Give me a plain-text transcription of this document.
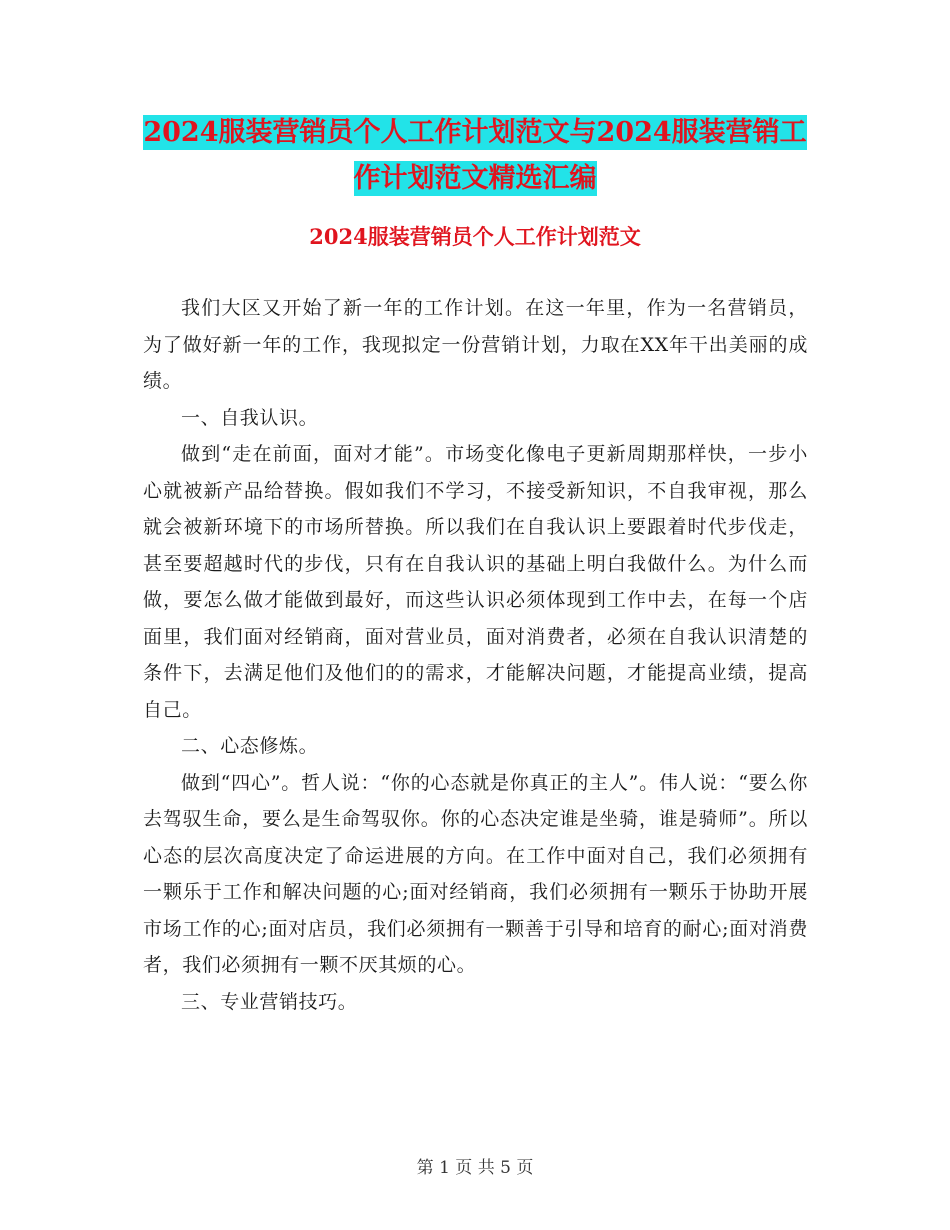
2024服装营销员个人工作计划范文与2024服装营销工
作计划范文精选汇编
2024服装营销员个人工作计划范文

我们大区又开始了新一年的工作计划。在这一年里，作为一名营销员，为了做好新一年的工作，我现拟定一份营销计划，力取在XX年干出美丽的成绩。

一、自我认识。

做到“走在前面，面对才能”。市场变化像电子更新周期那样快，一步小心就被新产品给替换。假如我们不学习，不接受新知识，不自我审视，那么就会被新环境下的市场所替换。所以我们在自我认识上要跟着时代步伐走，甚至要超越时代的步伐，只有在自我认识的基础上明白我做什么。为什么而做，要怎么做才能做到最好，而这些认识必须体现到工作中去，在每一个店面里，我们面对经销商，面对营业员，面对消费者，必须在自我认识清楚的条件下，去满足他们及他们的的需求，才能解决问题，才能提高业绩，提高自己。

二、心态修炼。

做到“四心”。哲人说：“你的心态就是你真正的主人”。伟人说：“要么你去驾驭生命，要么是生命驾驭你。你的心态决定谁是坐骑，谁是骑师”。所以心态的层次高度决定了命运进展的方向。在工作中面对自己，我们必须拥有一颗乐于工作和解决问题的心;面对经销商，我们必须拥有一颗乐于协助开展市场工作的心;面对店员，我们必须拥有一颗善于引导和培育的耐心;面对消费者，我们必须拥有一颗不厌其烦的心。

三、专业营销技巧。

第 1 页 共 5 页
